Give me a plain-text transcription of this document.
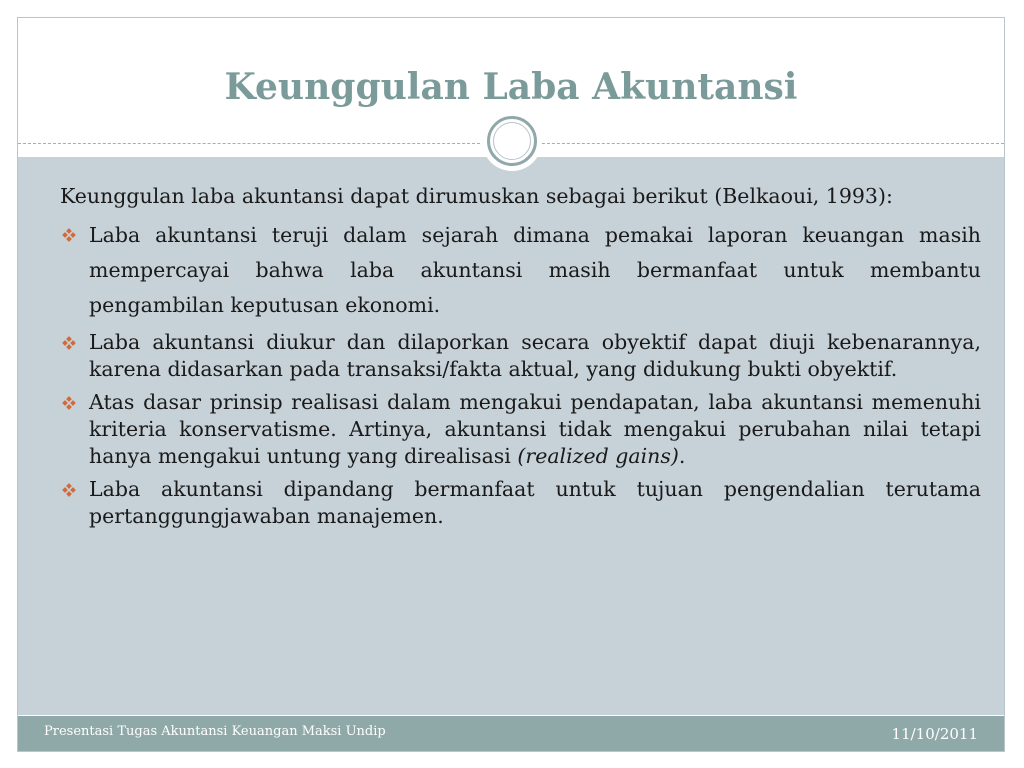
Keunggulan Laba Akuntansi

Keunggulan laba akuntansi dapat dirumuskan sebagai berikut (Belkaoui, 1993):

Laba akuntansi teruji dalam sejarah dimana pemakai laporan keuangan masih mempercayai bahwa laba akuntansi masih bermanfaat untuk membantu pengambilan keputusan ekonomi.
Laba akuntansi diukur dan dilaporkan secara obyektif dapat diuji kebenarannya, karena didasarkan pada transaksi/fakta aktual, yang didukung bukti obyektif.
Atas dasar prinsip realisasi dalam mengakui pendapatan, laba akuntansi memenuhi kriteria konservatisme. Artinya, akuntansi tidak mengakui perubahan nilai tetapi hanya mengakui untung yang direalisasi (realized gains).
Laba akuntansi dipandang bermanfaat untuk tujuan pengendalian terutama pertanggungjawaban manajemen.
Presentasi Tugas Akuntansi Keuangan Maksi Undip	11/10/2011
